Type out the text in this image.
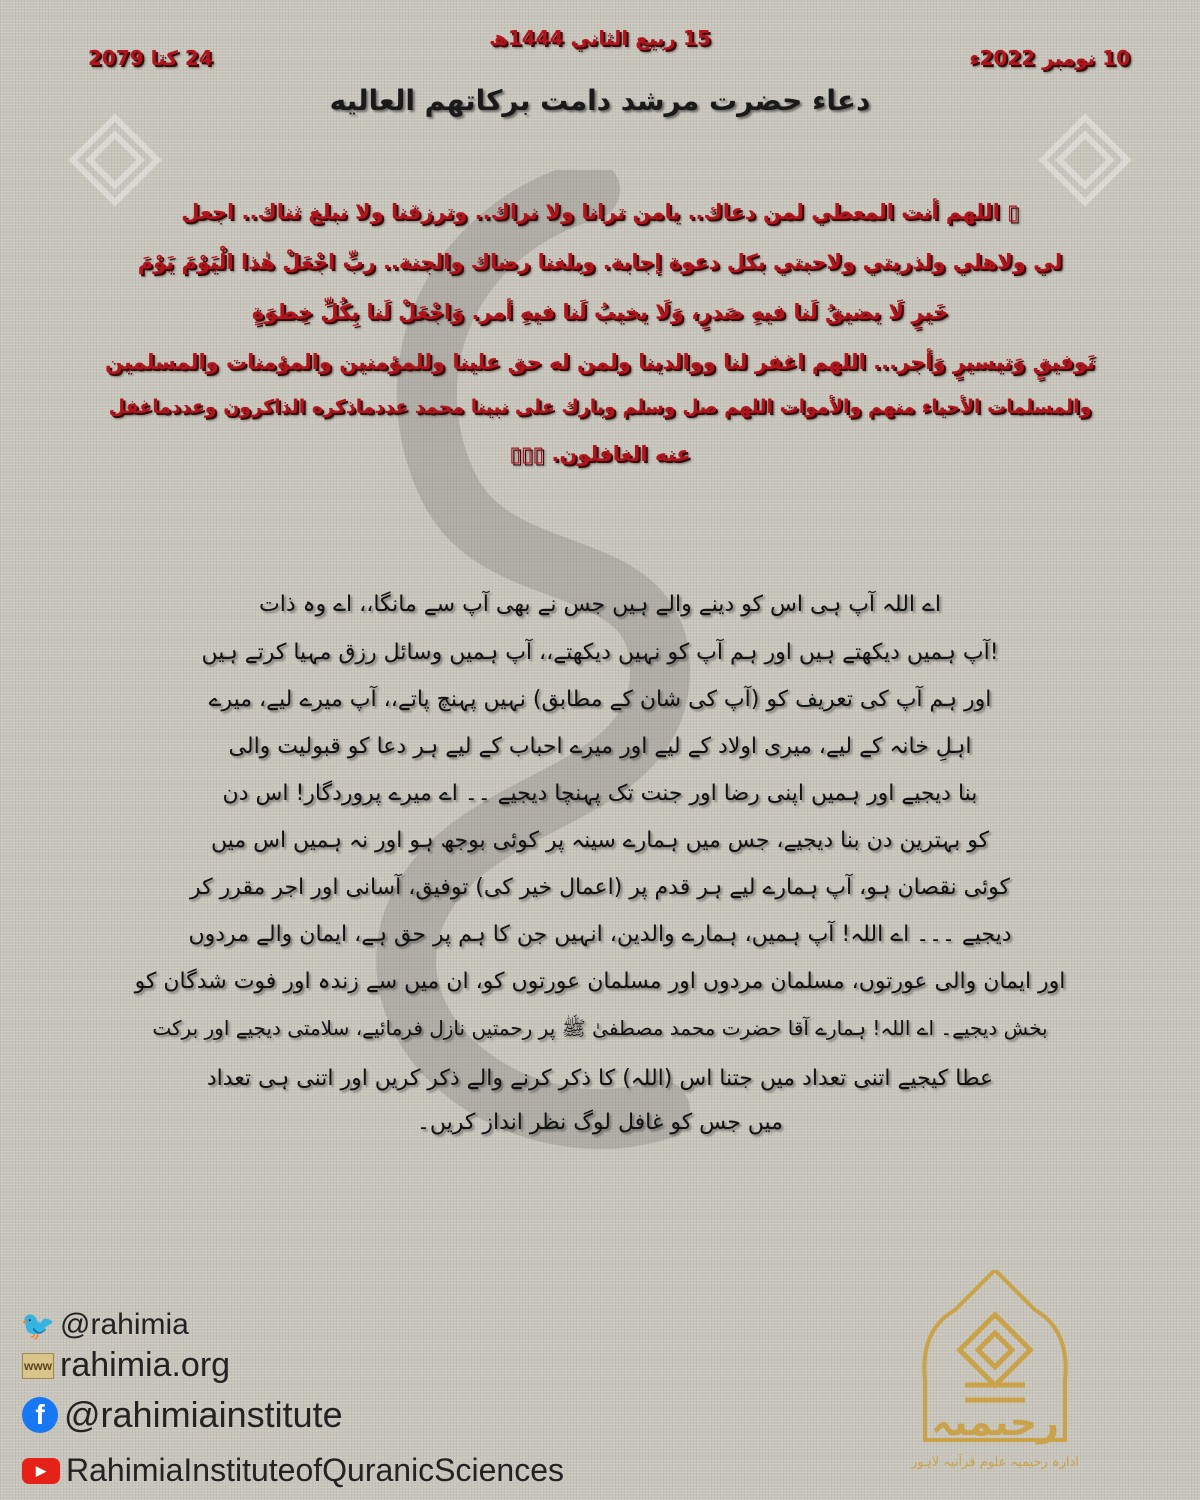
15 ربیع الثاني 1444ھ
10 نومبر 2022ء
24 کتا 2079
دعاء حضرت مرشد دامت برکاتهم العاليه
▯ اللهم أنت المعطي لمن دعاك.. يامن ترانا ولا نراك.. وترزقنا ولا نبلغ ثناك.. اجعل
لي ولاهلي ولذريتي ولاحبتي بكل دعوة إجابة. وبلغنا رضاك والجنة.. ربِّ اجْعَلْ هٰذا الْيَوْمَ يَوْمَ
خَيرٍ لَا يضيقُ لَنا فيهِ صَدرٍ، وَلَا يخيبُ لَنا فيهِ أمر. وَاجْعَلْ لَنا بِكُلِّ خِطوَةٍ
تَوفيقٍ وَتيسيرٍ وَأجر... اللهم اغفر لنا ووالدينا ولمن له حق علينا وللمؤمنين والمؤمنات والمسلمين
والمسلمات الأحياء منهم والأموات اللهم صل وسلم وبارك على نبينا محمد عددماذكره الذاكرون وعددماغفل
عنه الغافلون. ▯▯▯
اے اللہ آپ ہی اس کو دینے والے ہیں جس نے بھی آپ سے مانگا،، اے وہ ذات
!آپ ہمیں دیکھتے ہیں اور ہم آپ کو نہیں دیکھتے،، آپ ہمیں وسائل رزق مہیا کرتے ہیں
اور ہم آپ کی تعریف کو (آپ کی شان کے مطابق) نہیں پہنچ پاتے،، آپ میرے لیے، میرے
اہلِ خانہ کے لیے، میری اولاد کے لیے اور میرے احباب کے لیے ہر دعا کو قبولیت والی
بنا دیجیے اور ہمیں اپنی رضا اور جنت تک پہنچا دیجیے ۔۔ اے میرے پروردگار! اس دن
کو بہترین دن بنا دیجیے، جس میں ہمارے سینہ پر کوئی بوجھ ہو اور نہ ہمیں اس میں
کوئی نقصان ہو، آپ ہمارے لیے ہر قدم پر (اعمال خیر کی) توفیق، آسانی اور اجر مقرر کر
دیجیے ۔۔۔ اے اللہ! آپ ہمیں، ہمارے والدین، انہیں جن کا ہم پر حق ہے، ایمان والے مردوں
اور ایمان والی عورتوں، مسلمان مردوں اور مسلمان عورتوں کو، ان میں سے زندہ اور فوت شدگان کو
بخش دیجیے۔ اے اللہ! ہمارے آقا حضرت محمد مصطفیٰ ﷺ پر رحمتیں نازل فرمائیے، سلامتی دیجیے اور برکت
عطا کیجیے اتنی تعداد میں جتنا اس (اللہ) کا ذکر کرنے والے ذکر کریں اور اتنی ہی تعداد
میں جس کو غافل لوگ نظر انداز کریں۔
🐦 @rahimia
www rahimia.org
f @rahimiainstitute
▶ RahimiaInstituteofQuranicSciences
رحیمیہ
ادارہ رحیمیہ علوم قرآنیہ لاہور
